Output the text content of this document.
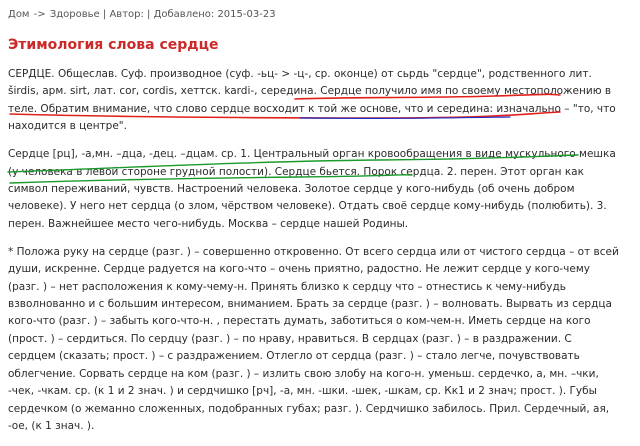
Дом -> Здоровье | Автор: | Добавлено: 2015-03-23
Этимология слова сердце

СЕРДЦЕ. Общеслав. Суф. производное (суф. -ьц- > -ц-, ср. оконце) от сьрдь "сердце", родственного лит.
širdis, арм. sirt, лат. cor, cordis, хеттск. kardi-, середина. Сердце получило имя по своему местоположению в
теле. Обратим внимание, что слово сердце восходит к той же основе, что и середина: изначально – "то, что
находится в центре".

Сердце [рц], -а,мн. –дца, -дец. –дцам. ср. 1. Центральный орган кровообращения в виде мускульного мешка
(у человека в левой стороне грудной полости). Сердце бьется. Порок сердца. 2. перен. Этот орган как
символ переживаний, чувств. Настроений человека. Золотое сердце у кого-нибудь (об очень добром
человеке). У него нет сердца (о злом, чёрством человеке). Отдать своё сердце кому-нибудь (полюбить). 3.
перен. Важнейшее место чего-нибудь. Москва – сердце нашей Родины.

* Положа руку на сердце (разг. ) – совершенно откровенно. От всего сердца или от чистого сердца – от всей
души, искренне. Сердце радуется на кого-что – очень приятно, радостно. Не лежит сердце у кого-чему
(разг. ) – нет расположения к кому-чему-н. Принять близко к сердцу что – отнестись к чему-нибудь
взволнованно и с большим интересом, вниманием. Брать за сердце (разг. ) – волновать. Вырвать из сердца
кого-что (разг. ) – забыть кого-что-н. , перестать думать, заботиться о ком-чем-н. Иметь сердце на кого
(прост. ) – сердиться. По сердцу (разг. ) – по нраву, нравиться. В сердцах (разг. ) – в раздражении. С
сердцем (сказать; прост. ) – с раздражением. Отлегло от сердца (разг. ) – стало легче, почувствовать
облегчение. Сорвать сердце на ком (разг. ) – излить свою злобу на кого-н. уменьш. сердечко, а, мн. –чки,
-чек, -чкам. ср. (к 1 и 2 знач. ) и сердчишко [рч], -а, мн. -шки. -шек, -шкам, ср. Кк1 и 2 знач; прост. ). Губы
сердечком (о жеманно сложенных, подобранных губах; разг. ). Сердчишко забилось. Прил. Сердечный, ая,
-ое, (к 1 знач. ).
